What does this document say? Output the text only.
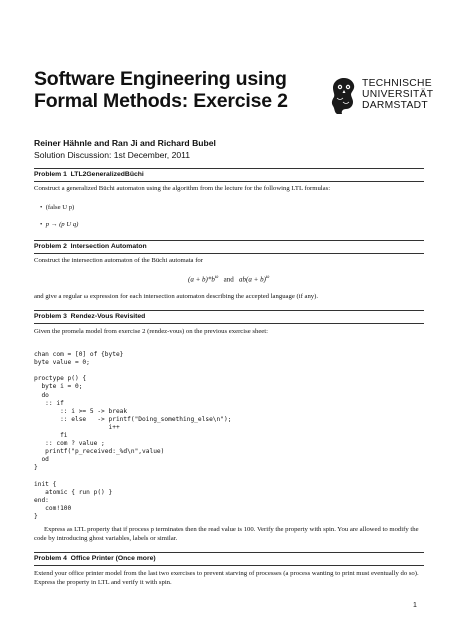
Software Engineering using
Formal Methods: Exercise 2
TECHNISCHE
UNIVERSITÄT
DARMSTADT
Reiner Hähnle and Ran Ji and Richard Bubel
Solution Discussion: 1st December, 2011
Problem 1 LTL2GeneralizedBüchi
Construct a generalized Büchi automaton using the algorithm from the lecture for the following LTL formulas:
•  (false U p)
•  p → (p U q)
Problem 2 Intersection Automaton
Construct the intersection automaton of the Büchi automata for
$(a + b)*b^\omega$ and $ab(a + b)^\omega$
and give a regular ω expression for each intersection automaton describing the accepted language (if any).
Problem 3 Rendez-Vous Revisited
Given the promela model from exercise 2 (rendez-vous) on the previous exercise sheet:

chan com = [0] of {byte}
byte value = 0;

proctype p() {
byte i = 0;
do
:: if
:: i >= 5 -> break
:: else   -> printf("Doing_something_else\n");
i++
fi
:: com ? value ;
printf("p_received:_%d\n",value)
od
}

init {
atomic { run p() }
end:
com!100
}

Express as LTL property that if process p terminates then the read value is 100. Verify the property with spin. You are allowed to modify the code by introducing ghost variables, labels or similar.
Problem 4 Office Printer (Once more)
Extend your office printer model from the last two exercises to prevent starving of processes (a process wanting to print must eventually do so). Express the property in LTL and verify it with spin.
1
